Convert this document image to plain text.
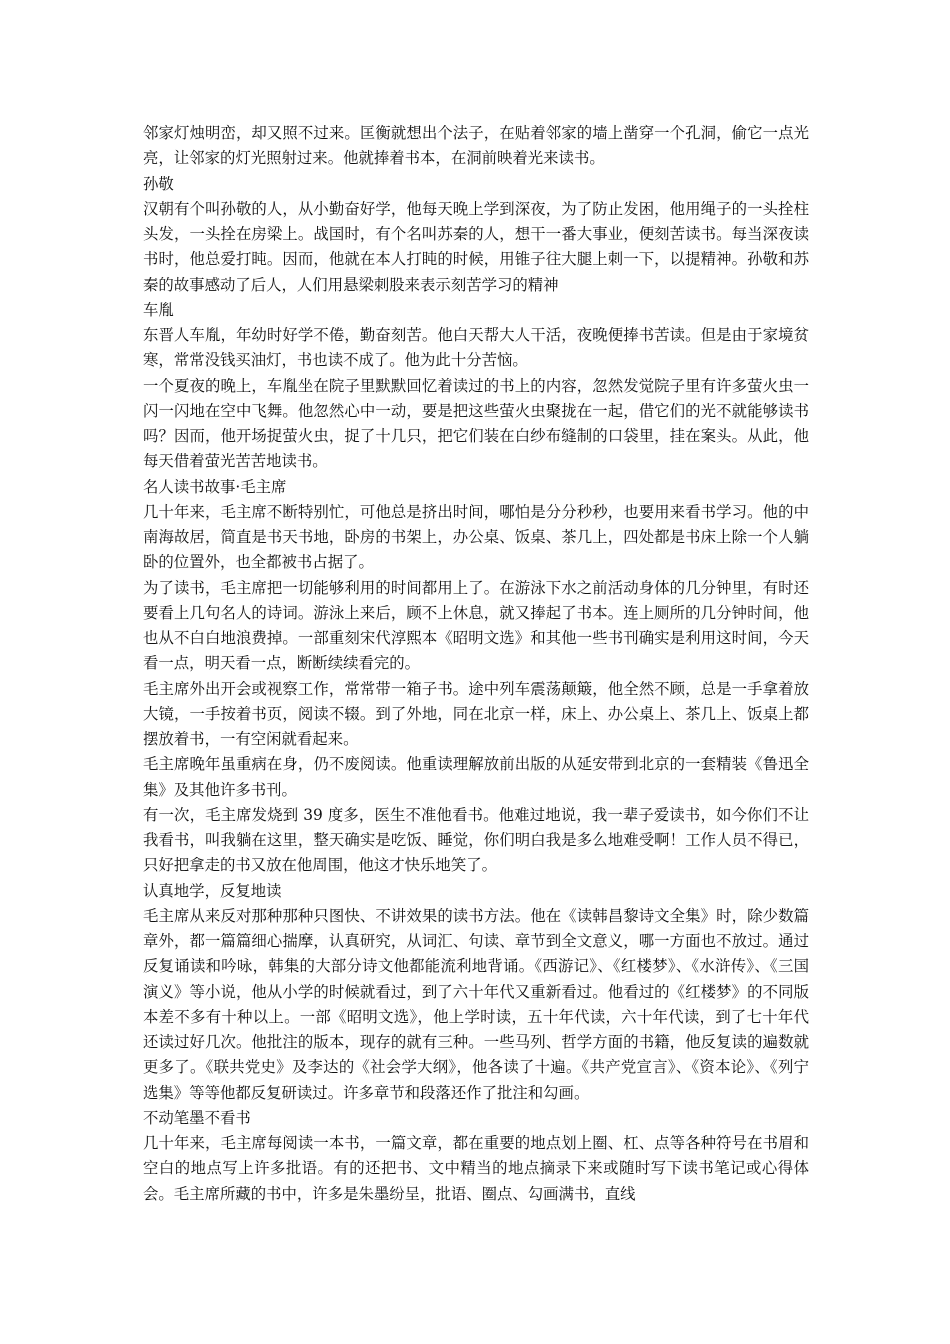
邻家灯烛明峦，却又照不过来。匡衡就想出个法子，在贴着邻家的墙上凿穿一个孔洞，偷它一点光亮，让邻家的灯光照射过来。他就捧着书本，在洞前映着光来读书。

孙敬

汉朝有个叫孙敬的人，从小勤奋好学，他每天晚上学到深夜，为了防止发困，他用绳子的一头拴柱头发，一头拴在房梁上。战国时，有个名叫苏秦的人，想干一番大事业，便刻苦读书。每当深夜读书时，他总爱打盹。因而，他就在本人打盹的时候，用锥子往大腿上刺一下，以提精神。孙敬和苏秦的故事感动了后人，人们用悬梁刺股来表示刻苦学习的精神

车胤

东晋人车胤，年幼时好学不倦，勤奋刻苦。他白天帮大人干活，夜晚便捧书苦读。但是由于家境贫寒，常常没钱买油灯，书也读不成了。他为此十分苦恼。

一个夏夜的晚上，车胤坐在院子里默默回忆着读过的书上的内容，忽然发觉院子里有许多萤火虫一闪一闪地在空中飞舞。他忽然心中一动，要是把这些萤火虫聚拢在一起，借它们的光不就能够读书吗？因而，他开场捉萤火虫，捉了十几只，把它们装在白纱布缝制的口袋里，挂在案头。从此，他每天借着萤光苦苦地读书。

名人读书故事·毛主席

几十年来，毛主席不断特别忙，可他总是挤出时间，哪怕是分分秒秒，也要用来看书学习。他的中南海故居，简直是书天书地，卧房的书架上，办公桌、饭桌、茶几上，四处都是书床上除一个人躺卧的位置外，也全都被书占据了。

为了读书，毛主席把一切能够利用的时间都用上了。在游泳下水之前活动身体的几分钟里，有时还要看上几句名人的诗词。游泳上来后，顾不上休息，就又捧起了书本。连上厕所的几分钟时间，他也从不白白地浪费掉。一部重刻宋代淳熙本《昭明文选》和其他一些书刊确实是利用这时间，今天看一点，明天看一点，断断续续看完的。

毛主席外出开会或视察工作，常常带一箱子书。途中列车震荡颠簸，他全然不顾，总是一手拿着放大镜，一手按着书页，阅读不辍。到了外地，同在北京一样，床上、办公桌上、茶几上、饭桌上都摆放着书，一有空闲就看起来。

毛主席晚年虽重病在身，仍不废阅读。他重读理解放前出版的从延安带到北京的一套精装《鲁迅全集》及其他许多书刊。

有一次，毛主席发烧到 39 度多，医生不准他看书。他难过地说，我一辈子爱读书，如今你们不让我看书，叫我躺在这里，整天确实是吃饭、睡觉，你们明白我是多么地难受啊！工作人员不得已，只好把拿走的书又放在他周围，他这才快乐地笑了。

认真地学，反复地读

毛主席从来反对那种那种只图快、不讲效果的读书方法。他在《读韩昌黎诗文全集》时，除少数篇章外，都一篇篇细心揣摩，认真研究，从词汇、句读、章节到全文意义，哪一方面也不放过。通过反复诵读和吟咏，韩集的大部分诗文他都能流利地背诵。《西游记》、《红楼梦》、《水浒传》、《三国演义》等小说，他从小学的时候就看过，到了六十年代又重新看过。他看过的《红楼梦》的不同版本差不多有十种以上。一部《昭明文选》，他上学时读，五十年代读，六十年代读，到了七十年代还读过好几次。他批注的版本，现存的就有三种。一些马列、哲学方面的书籍，他反复读的遍数就更多了。《联共党史》及李达的《社会学大纲》，他各读了十遍。《共产党宣言》、《资本论》、《列宁选集》等等他都反复研读过。许多章节和段落还作了批注和勾画。

不动笔墨不看书

几十年来，毛主席每阅读一本书，一篇文章，都在重要的地点划上圈、杠、点等各种符号在书眉和空白的地点写上许多批语。有的还把书、文中精当的地点摘录下来或随时写下读书笔记或心得体会。毛主席所藏的书中，许多是朱墨纷呈，批语、圈点、勾画满书，直线
